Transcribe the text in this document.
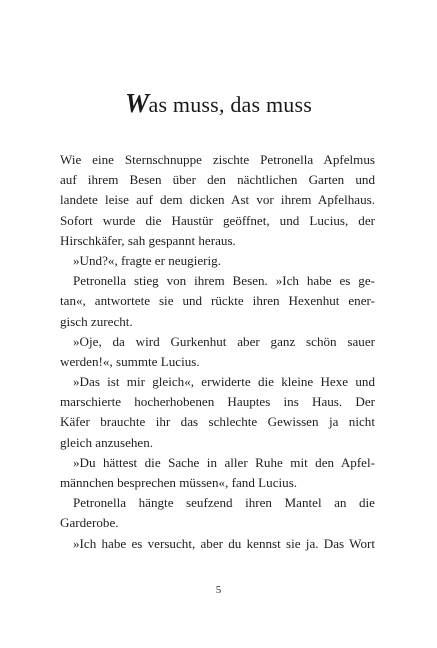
Was muss, das muss
Wie eine Sternschnuppe zischte Petronella Apfelmus
auf ihrem Besen über den nächtlichen Garten und
landete leise auf dem dicken Ast vor ihrem Apfelhaus.
Sofort wurde die Haustür geöffnet, und Lucius, der
Hirschkäfer, sah gespannt heraus.
»Und?«, fragte er neugierig.
Petronella stieg von ihrem Besen. »Ich habe es ge-
tan«, antwortete sie und rückte ihren Hexenhut ener-
gisch zurecht.
»Oje, da wird Gurkenhut aber ganz schön sauer
werden!«, summte Lucius.
»Das ist mir gleich«, erwiderte die kleine Hexe und
marschierte hocherhobenen Hauptes ins Haus. Der
Käfer brauchte ihr das schlechte Gewissen ja nicht
gleich anzusehen.
»Du hättest die Sache in aller Ruhe mit den Apfel-
männchen besprechen müssen«, fand Lucius.
Petronella hängte seufzend ihren Mantel an die
Garderobe.
»Ich habe es versucht, aber du kennst sie ja. Das Wort
5
